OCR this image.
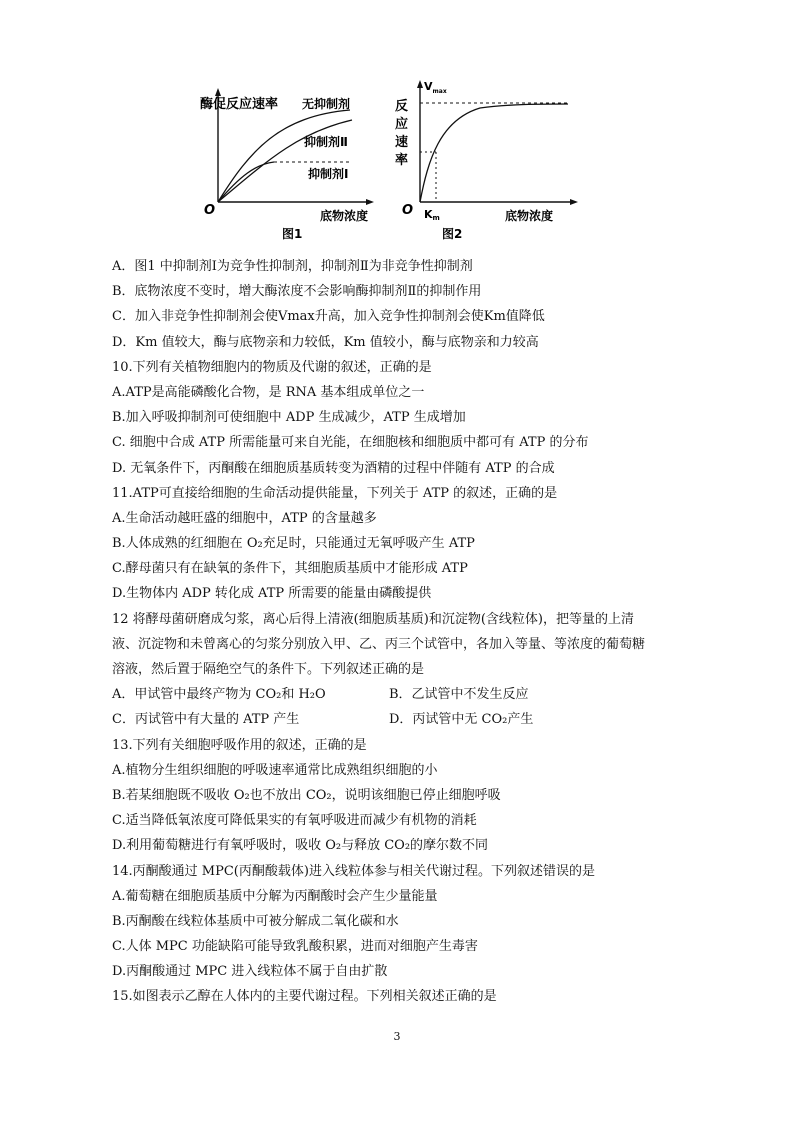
酶促反应速率 无抑制剂
抑制剂Ⅱ
抑制剂Ⅰ
O	底物浓度
图1
$V_{max}$
反
应
速
率
O Km	底物浓度
图2
A．图1 中抑制剂Ⅰ为竞争性抑制剂，抑制剂Ⅱ为非竞争性抑制剂
B．底物浓度不变时，增大酶浓度不会影响酶抑制剂Ⅱ的抑制作用
C．加入非竞争性抑制剂会使Vmax升高，加入竞争性抑制剂会使Km值降低
D．Km 值较大，酶与底物亲和力较低，Km 值较小，酶与底物亲和力较高
10.下列有关植物细胞内的物质及代谢的叙述，正确的是
A.ATP是高能磷酸化合物，是 RNA 基本组成单位之一
B.加入呼吸抑制剂可使细胞中 ADP 生成减少，ATP 生成增加
C. 细胞中合成 ATP 所需能量可来自光能，在细胞核和细胞质中都可有 ATP 的分布
D. 无氧条件下，丙酮酸在细胞质基质转变为酒精的过程中伴随有 ATP 的合成
11.ATP可直接给细胞的生命活动提供能量，下列关于 ATP 的叙述，正确的是
A.生命活动越旺盛的细胞中，ATP 的含量越多
B.人体成熟的红细胞在 O₂充足时，只能通过无氧呼吸产生 ATP
C.酵母菌只有在缺氧的条件下，其细胞质基质中才能形成 ATP
D.生物体内 ADP 转化成 ATP 所需要的能量由磷酸提供
12 将酵母菌研磨成匀浆，离心后得上清液(细胞质基质)和沉淀物(含线粒体)，把等量的上清
液、沉淀物和未曾离心的匀浆分别放入甲、乙、丙三个试管中，各加入等量、等浓度的葡萄糖
溶液，然后置于隔绝空气的条件下。下列叙述正确的是
A．甲试管中最终产物为 CO₂和 H₂O	B．乙试管中不发生反应
C．丙试管中有大量的 ATP 产生	D．丙试管中无 CO₂产生
13.下列有关细胞呼吸作用的叙述，正确的是
A.植物分生组织细胞的呼吸速率通常比成熟组织细胞的小
B.若某细胞既不吸收 O₂也不放出 CO₂，说明该细胞已停止细胞呼吸
C.适当降低氧浓度可降低果实的有氧呼吸进而减少有机物的消耗
D.利用葡萄糖进行有氧呼吸时，吸收 O₂与释放 CO₂的摩尔数不同
14.丙酮酸通过 MPC(丙酮酸载体)进入线粒体参与相关代谢过程。下列叙述错误的是
A.葡萄糖在细胞质基质中分解为丙酮酸时会产生少量能量
B.丙酮酸在线粒体基质中可被分解成二氧化碳和水
C.人体 MPC 功能缺陷可能导致乳酸积累，进而对细胞产生毒害
D.丙酮酸通过 MPC 进入线粒体不属于自由扩散
15.如图表示乙醇在人体内的主要代谢过程。下列相关叙述正确的是
3
